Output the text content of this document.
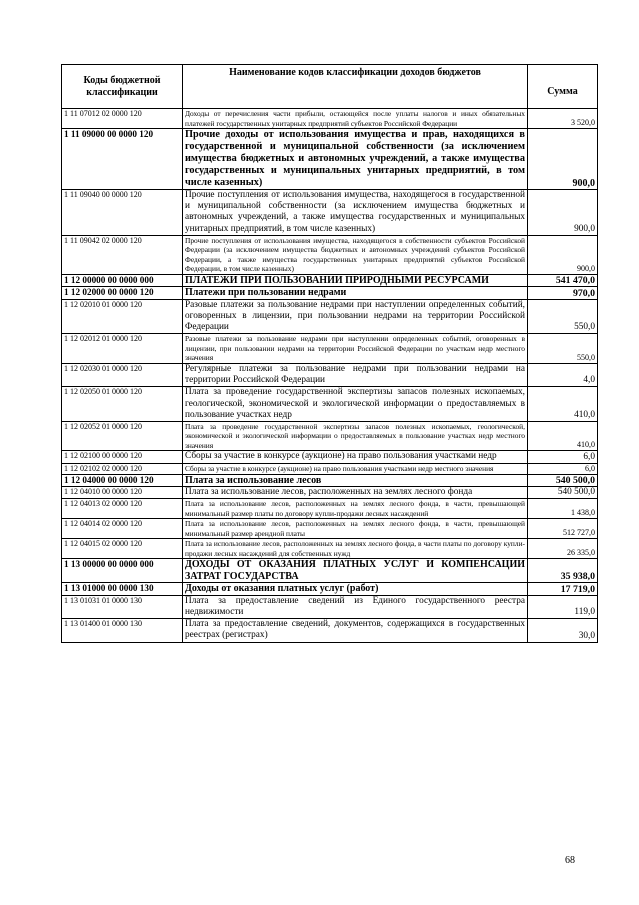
Коды бюджетной классификации	Наименование кодов классификации доходов бюджетов	Сумма
1 11 07012 02 0000 120	Доходы от перечисления части прибыли, остающейся после уплаты налогов и иных обязательных платежей государственных унитарных предприятий субъектов Российской Федерации	3 520,0
1 11 09000 00 0000 120	Прочие доходы от использования имущества и прав, находящихся в государственной и муниципальной собственности (за исключением имущества бюджетных и автономных учреждений, а также имущества государственных и муниципальных унитарных предприятий, в том числе казенных)	900,0
1 11 09040 00 0000 120	Прочие поступления от использования имущества, находящегося в государственной и муниципальной собственности (за исключением имущества бюджетных и автономных учреждений, а также имущества государственных и муниципальных унитарных предприятий, в том числе казенных)	900,0
1 11 09042 02 0000 120	Прочие поступления от использования имущества, находящегося в собственности субъектов Российской Федерации (за исключением имущества бюджетных и автономных учреждений субъектов Российской Федерации, а также имущества государственных унитарных предприятий субъектов Российской Федерации, в том числе казенных)	900,0
1 12 00000 00 0000 000	ПЛАТЕЖИ ПРИ ПОЛЬЗОВАНИИ ПРИРОДНЫМИ РЕСУРСАМИ	541 470,0
1 12 02000 00 0000 120	Платежи при пользовании недрами	970,0
1 12 02010 01 0000 120	Разовые платежи за пользование недрами при наступлении определенных событий, оговоренных в лицензии, при пользовании недрами на территории Российской Федерации	550,0
1 12 02012 01 0000 120	Разовые платежи за пользование недрами при наступлении определенных событий, оговоренных в лицензии, при пользовании недрами на территории Российской Федерации по участкам недр местного значения	550,0
1 12 02030 01 0000 120	Регулярные платежи за пользование недрами при пользовании недрами на территории Российской Федерации	4,0
1 12 02050 01 0000 120	Плата за проведение государственной экспертизы запасов полезных ископаемых, геологической, экономической и экологической информации о предоставляемых в пользование участках недр	410,0
1 12 02052 01 0000 120	Плата за проведение государственной экспертизы запасов полезных ископаемых, геологической, экономической и экологической информации о предоставляемых в пользование участках недр местного значения	410,0
1 12 02100 00 0000 120	Сборы за участие в конкурсе (аукционе) на право пользования участками недр	6,0
1 12 02102 02 0000 120	Сборы за участие в конкурсе (аукционе) на право пользования участками недр местного значения	6,0
1 12 04000 00 0000 120	Плата за использование лесов	540 500,0
1 12 04010 00 0000 120	Плата за использование лесов, расположенных на землях лесного фонда	540 500,0
1 12 04013 02 0000 120	Плата за использование лесов, расположенных на землях лесного фонда, в части, превышающей минимальный размер платы по договору купли-продажи лесных насаждений	1 438,0
1 12 04014 02 0000 120	Плата за использование лесов, расположенных на землях лесного фонда, в части, превышающей минимальный размер арендной платы	512 727,0
1 12 04015 02 0000 120	Плата за использование лесов, расположенных на землях лесного фонда, в части платы по договору купли-продажи лесных насаждений для собственных нужд	26 335,0
1 13 00000 00 0000 000	ДОХОДЫ ОТ ОКАЗАНИЯ ПЛАТНЫХ УСЛУГ И КОМПЕНСАЦИИ ЗАТРАТ ГОСУДАРСТВА	35 938,0
1 13 01000 00 0000 130	Доходы от оказания платных услуг (работ)	17 719,0
1 13 01031 01 0000 130	Плата за предоставление сведений из Единого государственного реестра недвижимости	119,0
1 13 01400 01 0000 130	Плата за предоставление сведений, документов, содержащихся в государственных реестрах (регистрах)	30,0
68
